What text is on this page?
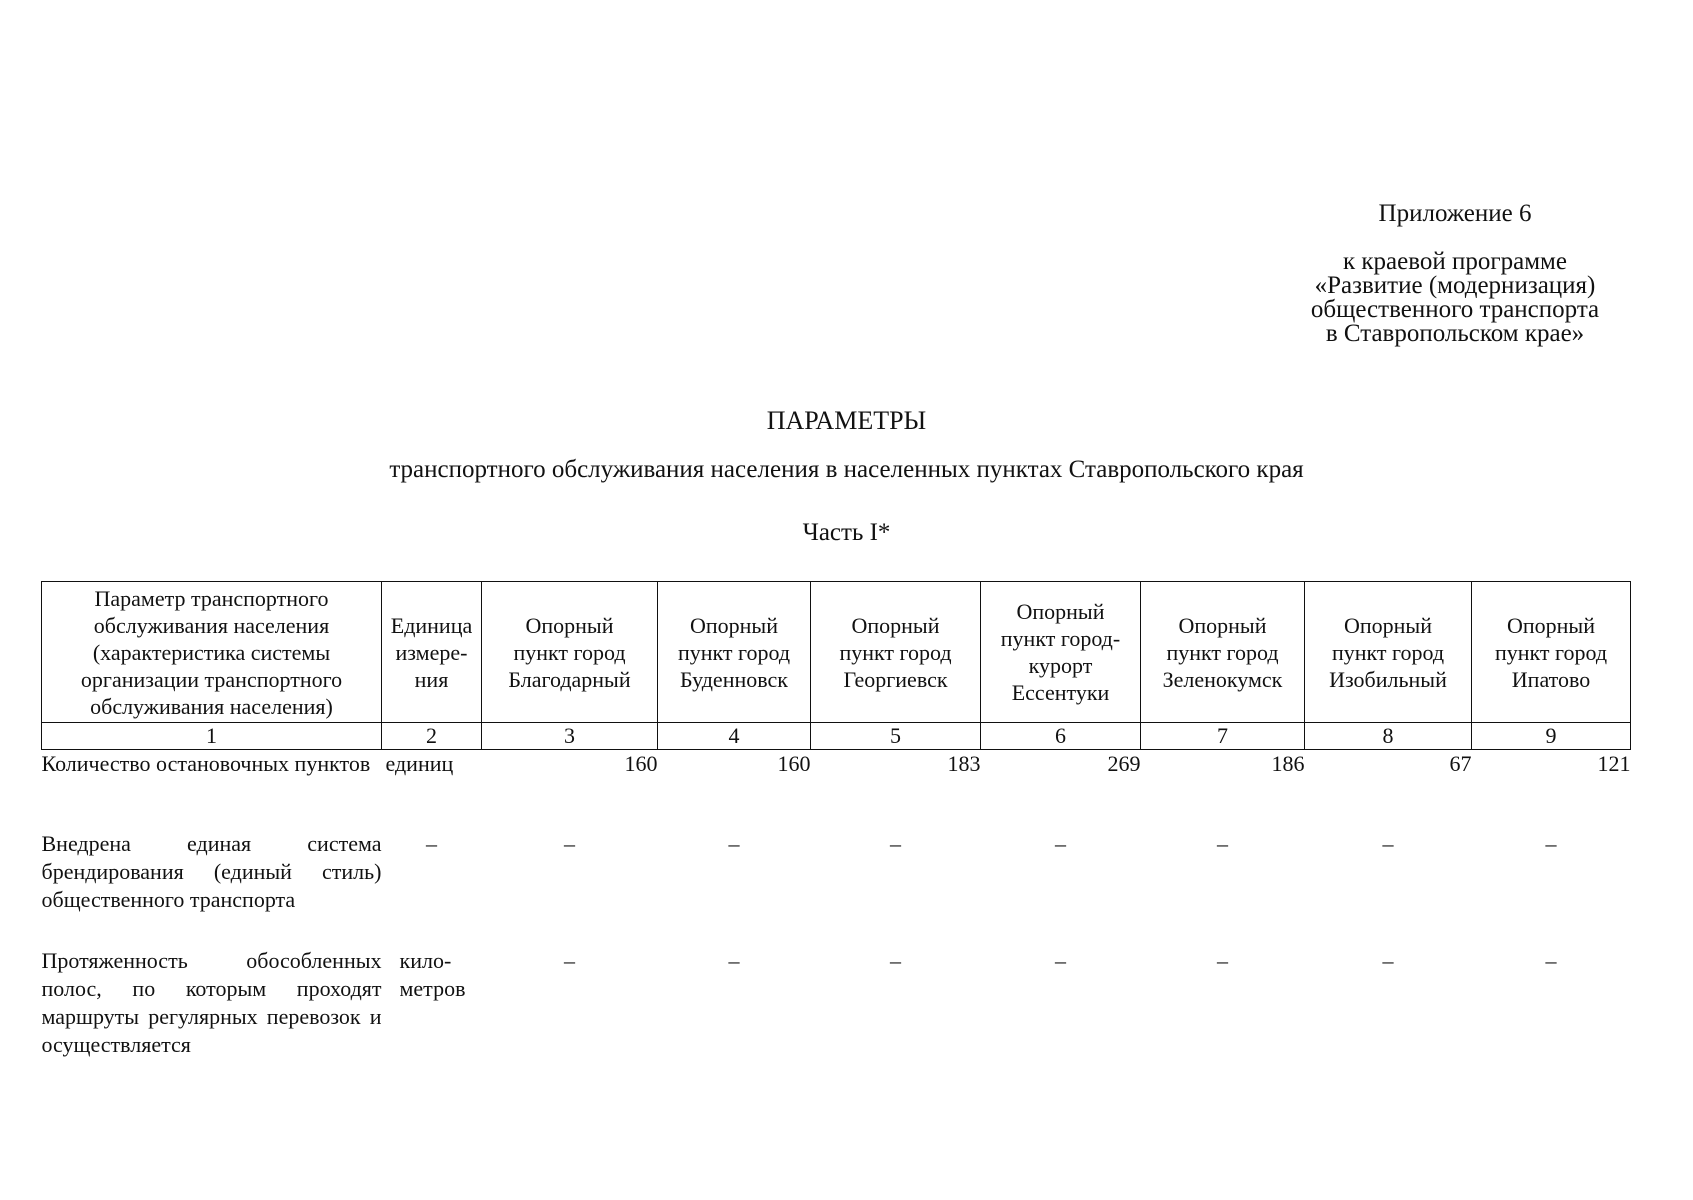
Приложение 6
к краевой программе
«Развитие (модернизация)
общественного транспорта
в Ставропольском крае»
ПАРАМЕТРЫ
транспортного обслуживания населения в населенных пунктах Ставропольского края
Часть I*
Параметр транспортного обслуживания населения (характеристика системы организации транспортного обслуживания населения)	Единица измере-ния	Опорный пункт город Благодарный	Опорный пункт город Буденновск	Опорный пункт город Георгиевск	Опорный пункт город-курорт Ессентуки	Опорный пункт город Зеленокумск	Опорный пункт город Изобильный	Опорный пункт город Ипатово
1	2	3	4	5	6	7	8	9
Количество остановочных пунктов	единиц	160	160	183	269	186	67	121
Внедрена единая система брендирования (единый стиль) общественного транспорта	–	–	–	–	–	–	–	–
Протяженность обособленных полос, по которым проходят маршруты регулярных перевозок и осуществляется	кило-метров	–	–	–	–	–	–	–
